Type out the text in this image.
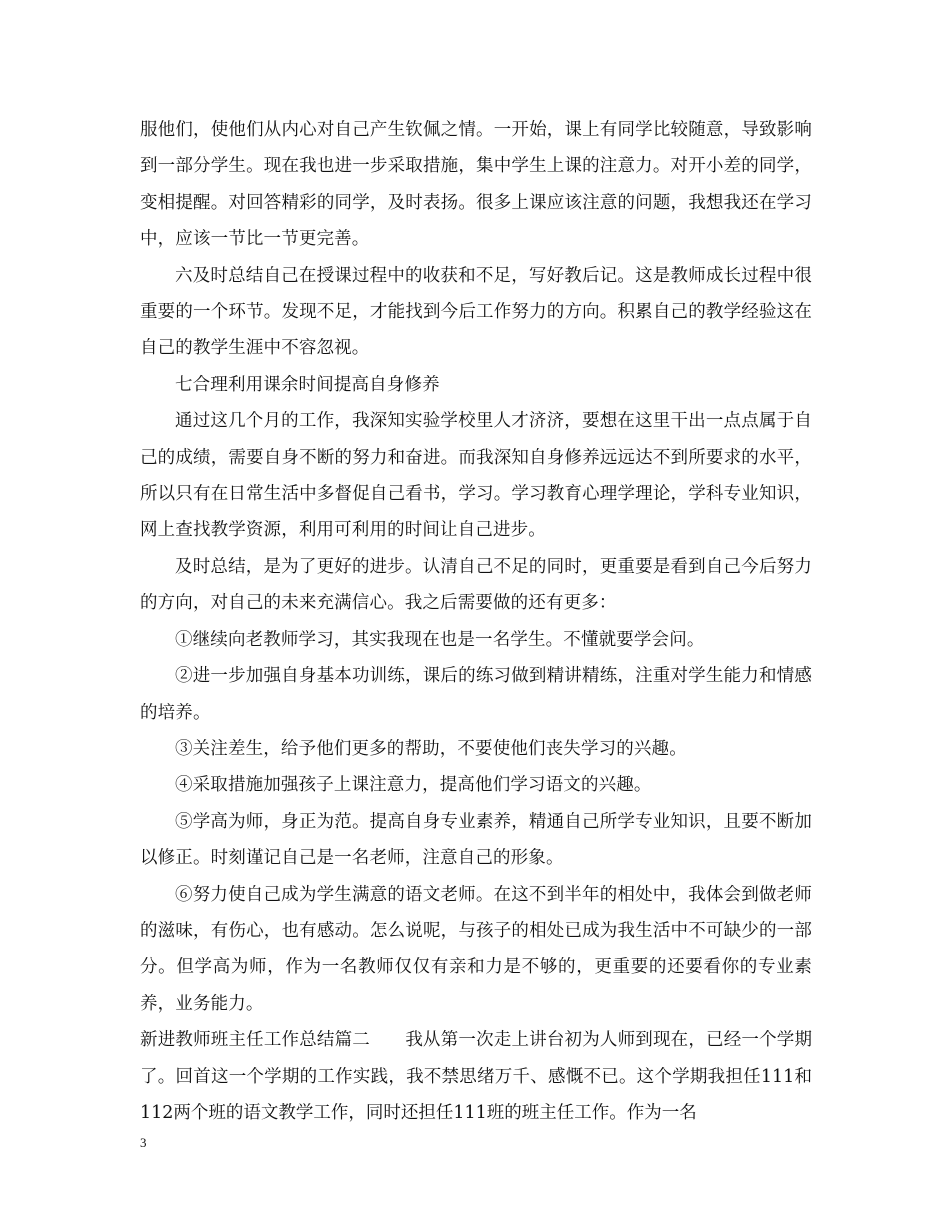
服他们，使他们从内心对自己产生钦佩之情。一开始，课上有同学比较随意，导致影响到一部分学生。现在我也进一步采取措施，集中学生上课的注意力。对开小差的同学，变相提醒。对回答精彩的同学，及时表扬。很多上课应该注意的问题，我想我还在学习中，应该一节比一节更完善。

六及时总结自己在授课过程中的收获和不足，写好教后记。这是教师成长过程中很重要的一个环节。发现不足，才能找到今后工作努力的方向。积累自己的教学经验这在自己的教学生涯中不容忽视。

七合理利用课余时间提高自身修养

通过这几个月的工作，我深知实验学校里人才济济，要想在这里干出一点点属于自己的成绩，需要自身不断的努力和奋进。而我深知自身修养远远达不到所要求的水平，所以只有在日常生活中多督促自己看书，学习。学习教育心理学理论，学科专业知识，网上查找教学资源，利用可利用的时间让自己进步。

及时总结，是为了更好的进步。认清自己不足的同时，更重要是看到自己今后努力的方向，对自己的未来充满信心。我之后需要做的还有更多：

①继续向老教师学习，其实我现在也是一名学生。不懂就要学会问。

②进一步加强自身基本功训练，课后的练习做到精讲精练，注重对学生能力和情感的培养。

③关注差生，给予他们更多的帮助，不要使他们丧失学习的兴趣。

④采取措施加强孩子上课注意力，提高他们学习语文的兴趣。

⑤学高为师，身正为范。提高自身专业素养，精通自己所学专业知识，且要不断加以修正。时刻谨记自己是一名老师，注意自己的形象。

⑥努力使自己成为学生满意的语文老师。在这不到半年的相处中，我体会到做老师的滋味，有伤心，也有感动。怎么说呢，与孩子的相处已成为我生活中不可缺少的一部分。但学高为师，作为一名教师仅仅有亲和力是不够的，更重要的还要看你的专业素养，业务能力。

新进教师班主任工作总结篇二　　我从第一次走上讲台初为人师到现在，已经一个学期了。回首这一个学期的工作实践，我不禁思绪万千、感慨不已。这个学期我担任111和112两个班的语文教学工作，同时还担任111班的班主任工作。作为一名

3
